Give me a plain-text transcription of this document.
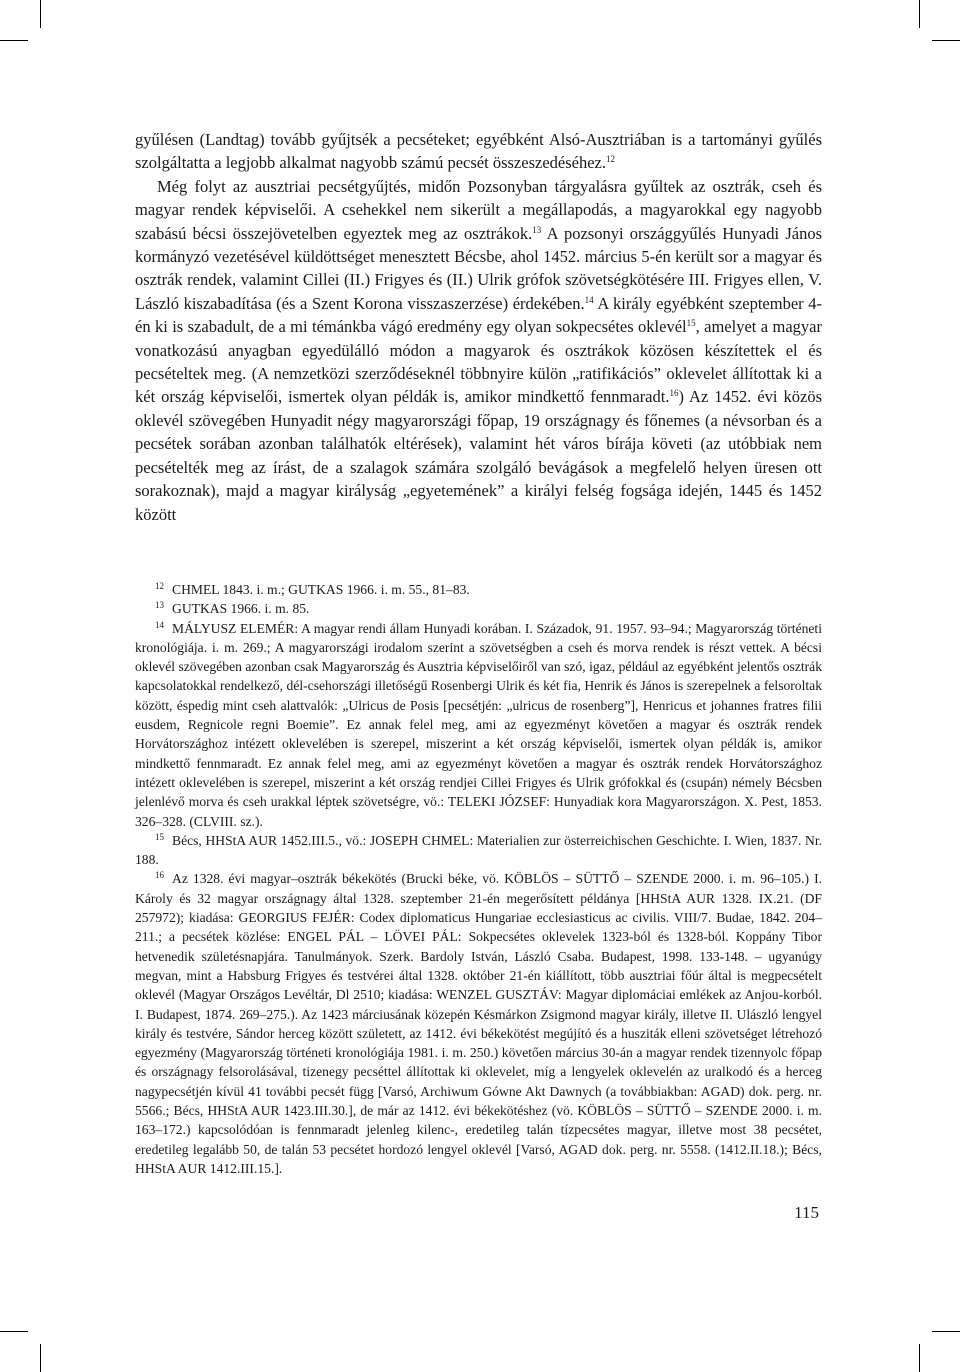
gyűlésen (Landtag) tovább gyűjtsék a pecséteket; egyébként Alsó-Ausztriában is a tartományi gyűlés szolgáltatta a legjobb alkalmat nagyobb számú pecsét összeszedéséhez.$^{12}$

Még folyt az ausztriai pecsétgyűjtés, midőn Pozsonyban tárgyalásra gyűltek az osztrák, cseh és magyar rendek képviselői. A csehekkel nem sikerült a megállapodás, a magyarokkal egy nagyobb szabású bécsi összejövetelben egyeztek meg az osztrákok.$^{13}$ A pozsonyi országgyűlés Hunyadi János kormányzó vezetésével küldöttséget menesztett Bécsbe, ahol 1452. március 5-én került sor a magyar és osztrák rendek, valamint Cillei (II.) Frigyes és (II.) Ulrik grófok szövetségkötésére III. Frigyes ellen, V. László kiszabadítása (és a Szent Korona visszaszerzése) érdekében.$^{14}$ A király egyébként szeptember 4-én ki is szabadult, de a mi témánkba vágó eredmény egy olyan sokpecsétes oklevél$^{15}$, amelyet a magyar vonatkozású anyagban egyedülálló módon a magyarok és osztrákok közösen készítettek el és pecsételtek meg. (A nemzetközi szerződéseknél többnyire külön „ratifikációs” oklevelet állítottak ki a két ország képviselői, ismertek olyan példák is, amikor mindkettő fennmaradt.$^{16}$) Az 1452. évi közös oklevél szövegében Hunyadit négy magyarországi főpap, 19 országnagy és főnemes (a névsorban és a pecsétek sorában azonban találhatók eltérések), valamint hét város bírája követi (az utóbbiak nem pecsételték meg az írást, de a szalagok számára szolgáló bevágások a megfelelő helyen üresen ott sorakoznak), majd a magyar királyság „egyetemének” a királyi felség fogsága idején, 1445 és 1452 között

12 CHMEL 1843. i. m.; GUTKAS 1966. i. m. 55., 81–83.

13 GUTKAS 1966. i. m. 85.

14 MÁLYUSZ ELEMÉR: A magyar rendi állam Hunyadi korában. I. Századok, 91. 1957. 93–94.; Magyarország történeti kronológiája. i. m. 269.; A magyarországi irodalom szerint a szövetségben a cseh és morva rendek is részt vettek. A bécsi oklevél szövegében azonban csak Magyarország és Ausztria képviselőiről van szó, igaz, például az egyébként jelentős osztrák kapcsolatokkal rendelkező, dél-csehországi illetőségű Rosenbergi Ulrik és két fia, Henrik és János is szerepelnek a felsoroltak között, éspedig mint cseh alattvalók: „Ulricus de Posis [pecsétjén: „ulricus de rosenberg”], Henricus et johannes fratres filii eusdem, Regnicole regni Boemie”. Ez annak felel meg, ami az egyezményt követően a magyar és osztrák rendek Horvátországhoz intézett oklevelében is szerepel, miszerint a két ország képviselői, ismertek olyan példák is, amikor mindkettő fennmaradt. Ez annak felel meg, ami az egyezményt követően a magyar és osztrák rendek Horvátországhoz intézett oklevelében is szerepel, miszerint a két ország rendjei Cillei Frigyes és Ulrik grófokkal és (csupán) némely Bécsben jelenlévő morva és cseh urakkal léptek szövetségre, vö.: TELEKI JÓZSEF: Hunyadiak kora Magyarországon. X. Pest, 1853. 326–328. (CLVIII. sz.).

15 Bécs, HHStA AUR 1452.III.5., vö.: JOSEPH CHMEL: Materialien zur österreichischen Geschichte. I. Wien, 1837. Nr. 188.

16 Az 1328. évi magyar–osztrák békekötés (Brucki béke, vö. KÖBLÖS – SÜTTŐ – SZENDE 2000. i. m. 96–105.) I. Károly és 32 magyar országnagy által 1328. szeptember 21-én megerősített példánya [HHStA AUR 1328. IX.21. (DF 257972); kiadása: GEORGIUS FEJÉR: Codex diplomaticus Hungariae ecclesiasticus ac civilis. VIII/7. Budae, 1842. 204–211.; a pecsétek közlése: ENGEL PÁL – LÖVEI PÁL: Sokpecsétes oklevelek 1323-ból és 1328-ból. Koppány Tibor hetvenedik születésnapjára. Tanulmányok. Szerk. Bardoly István, László Csaba. Budapest, 1998. 133-148. – ugyanúgy megvan, mint a Habsburg Frigyes és testvérei által 1328. október 21-én kiállított, több ausztriai főúr által is megpecsételt oklevél (Magyar Országos Levéltár, Dl 2510; kiadása: WENZEL GUSZTÁV: Magyar diplomáciai emlékek az Anjou-korból. I. Budapest, 1874. 269–275.). Az 1423 márciusának közepén Késmárkon Zsigmond magyar király, illetve II. Ulászló lengyel király és testvére, Sándor herceg között született, az 1412. évi békekötést megújító és a husziták elleni szövetséget létrehozó egyezmény (Magyarország történeti kronológiája 1981. i. m. 250.) követően március 30-án a magyar rendek tizennyolc főpap és országnagy felsorolásával, tizenegy pecséttel állítottak ki oklevelet, míg a lengyelek oklevelén az uralkodó és a herceg nagypecsétjén kívül 41 további pecsét függ [Varsó, Archiwum Gówne Akt Dawnych (a továbbiakban: AGAD) dok. perg. nr. 5566.; Bécs, HHStA AUR 1423.III.30.], de már az 1412. évi békekötéshez (vö. KÖBLÖS – SÜTTŐ – SZENDE 2000. i. m. 163–172.) kapcsolódóan is fennmaradt jelenleg kilenc-, eredetileg talán tízpecsétes magyar, illetve most 38 pecsétet, eredetileg legalább 50, de talán 53 pecsétet hordozó lengyel oklevél [Varsó, AGAD dok. perg. nr. 5558. (1412.II.18.); Bécs, HHStA AUR 1412.III.15.].

115
